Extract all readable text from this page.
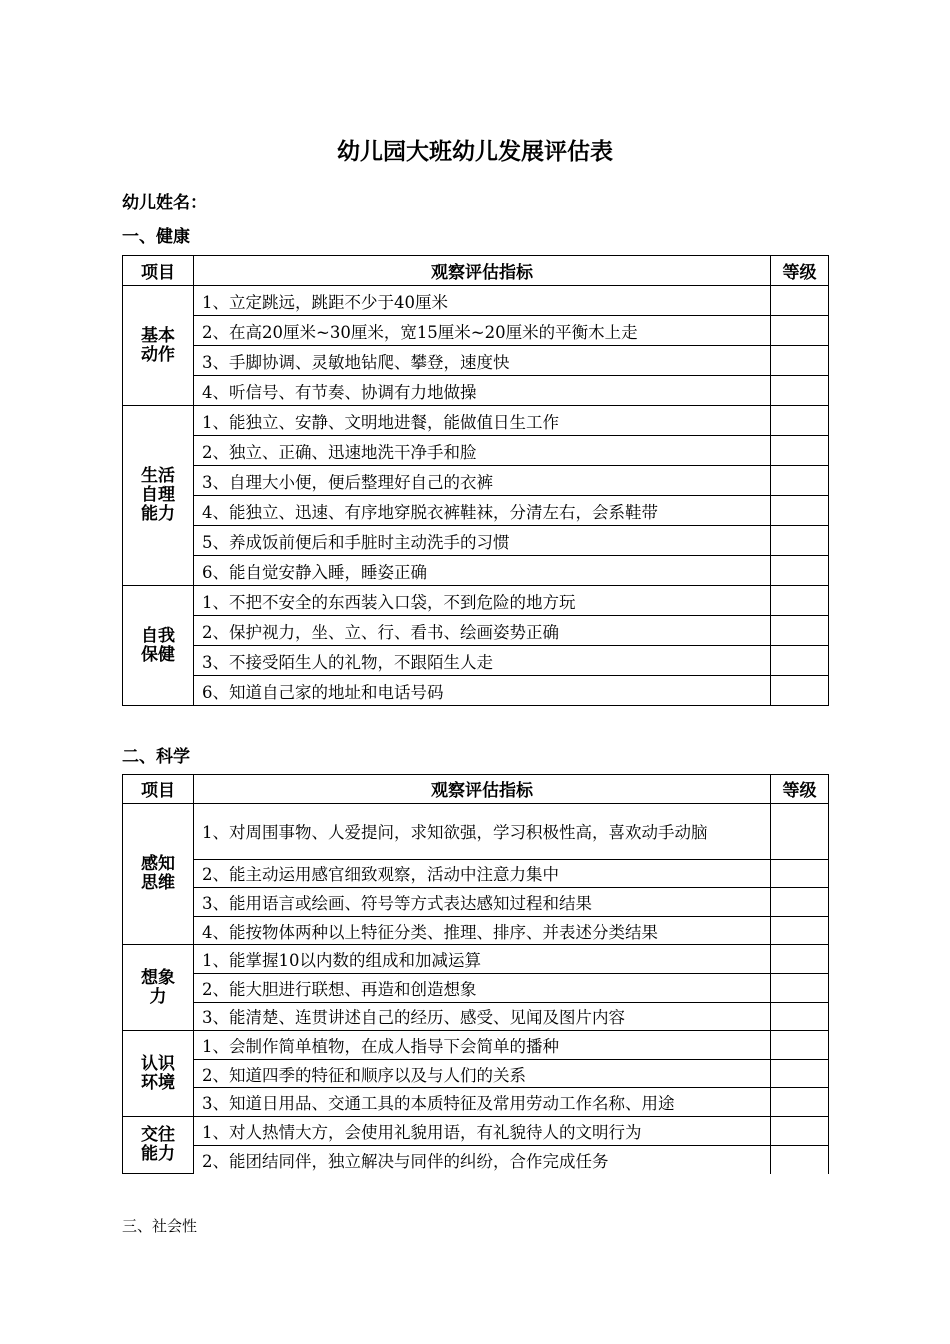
幼儿园大班幼儿发展评估表
幼儿姓名：
一、健康
项目	观察评估指标	等级
基本
动作	1、立定跳远，跳距不少于40厘米	
	2、在高20厘米~30厘米，宽15厘米~20厘米的平衡木上走	
	3、手脚协调、灵敏地钻爬、攀登，速度快	
	4、听信号、有节奏、协调有力地做操	
生活
自理
能力	1、能独立、安静、文明地进餐，能做值日生工作	
	2、独立、正确、迅速地洗干净手和脸	
	3、自理大小便，便后整理好自己的衣裤	
	4、能独立、迅速、有序地穿脱衣裤鞋袜，分清左右，会系鞋带	
	5、养成饭前便后和手脏时主动洗手的习惯	
	6、能自觉安静入睡，睡姿正确	
自我
保健	1、不把不安全的东西装入口袋，不到危险的地方玩	
	2、保护视力，坐、立、行、看书、绘画姿势正确	
	3、不接受陌生人的礼物，不跟陌生人走	
	6、知道自己家的地址和电话号码	
二、科学
项目	观察评估指标	等级
感知
思维	1、对周围事物、人爱提问，求知欲强，学习积极性高，喜欢动手动脑	
	2、能主动运用感官细致观察，活动中注意力集中	
	3、能用语言或绘画、符号等方式表达感知过程和结果	
	4、能按物体两种以上特征分类、推理、排序、并表述分类结果	
想象
力	1、能掌握10以内数的组成和加减运算	
	2、能大胆进行联想、再造和创造想象	
	3、能清楚、连贯讲述自己的经历、感受、见闻及图片内容	
认识
环境	1、会制作简单植物，在成人指导下会简单的播种	
	2、知道四季的特征和顺序以及与人们的关系	
	3、知道日用品、交通工具的本质特征及常用劳动工作名称、用途	
交往
能力	1、对人热情大方，会使用礼貌用语，有礼貌待人的文明行为	
	2、能团结同伴，独立解决与同伴的纠纷，合作完成任务	
三、社会性
